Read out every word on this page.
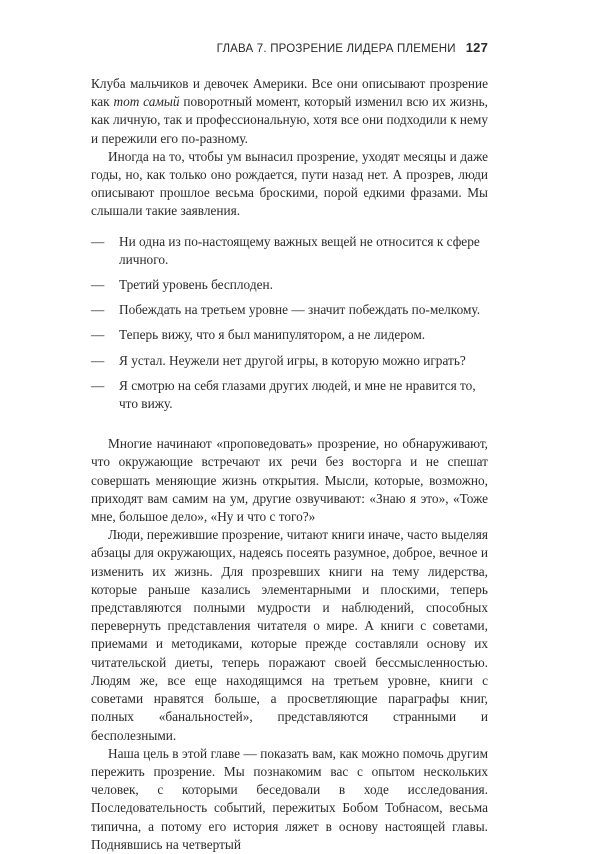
ГЛАВА 7. ПРОЗРЕНИЕ ЛИДЕРА ПЛЕМЕНИ 127

Клуба мальчиков и девочек Америки. Все они описывают прозрение как тот самый поворотный момент, который изменил всю их жизнь, как личную, так и профессиональную, хотя все они подходили к нему и пережили его по-разному.

Иногда на то, чтобы ум вынасил прозрение, уходят месяцы и даже годы, но, как только оно рождается, пути назад нет. А прозрев, люди описывают прошлое весьма броскими, порой едкими фразами. Мы слышали такие заявления.

— Ни одна из по-настоящему важных вещей не относится к сфере личного.
— Третий уровень бесплоден.
— Побеждать на третьем уровне — значит побеждать по-мелкому.
— Теперь вижу, что я был манипулятором, а не лидером.
— Я устал. Неужели нет другой игры, в которую можно играть?
— Я смотрю на себя глазами других людей, и мне не нравится то, что вижу.

Многие начинают «проповедовать» прозрение, но обнаруживают, что окружающие встречают их речи без восторга и не спешат совершать меняющие жизнь открытия. Мысли, которые, возможно, приходят вам самим на ум, другие озвучивают: «Знаю я это», «Тоже мне, большое дело», «Ну и что с того?»

Люди, пережившие прозрение, читают книги иначе, часто выделяя абзацы для окружающих, надеясь посеять разумное, доброе, вечное и изменить их жизнь. Для прозревших книги на тему лидерства, которые раньше казались элементарными и плоскими, теперь представляются полными мудрости и наблюдений, способных перевернуть представления читателя о мире. А книги с советами, приемами и методиками, которые прежде составляли основу их читательской диеты, теперь поражают своей бессмысленностью. Людям же, все еще находящимся на третьем уровне, книги с советами нравятся больше, а просветляющие параграфы книг, полных «банальностей», представляются странными и бесполезными.

Наша цель в этой главе — показать вам, как можно помочь другим пережить прозрение. Мы познакомим вас с опытом нескольких человек, с которыми беседовали в ходе исследования. Последовательность событий, пережитых Бобом Тобнасом, весьма типична, а потому его история ляжет в основу настоящей главы. Поднявшись на четвертый
